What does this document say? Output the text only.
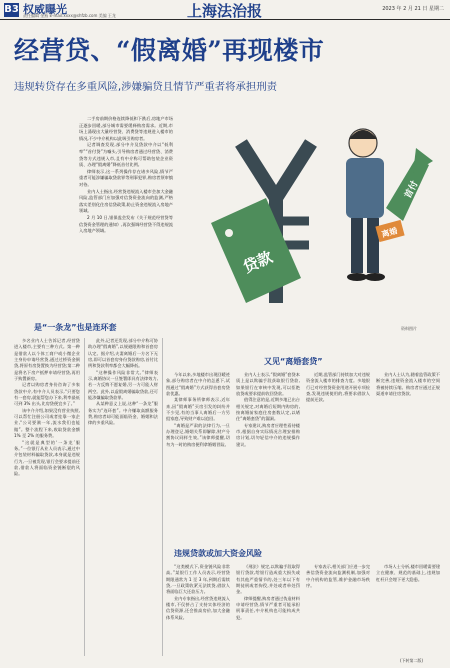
B3 权威曝光
责任编辑 金燕 E-mail:xxxx@shfzb.com 美编 王龙	上海法治报	2023 年 2 月 21 日 星期二
经营贷、“假离婚”再现楼市
违规转贷存在多重风险,涉嫌骗贷且情节严重者将承担刑责

二手房前期价格连续降低和下跌后,房地产市场正逐步回暖,部分城市需要缓释购房需求。近期,市场上涌现出大量经营贷、消费贷等违规进入楼市的情况,不少中介机构以此吸引购房者。

记者调查发现,部分中介及贷款中介以“低利率”“首付贷”为噱头,引导购房者通过经营贷、消费贷等方式违规入市,且有中介称可帮助包装企业资质、办理“假离婚”降低首付比例。

律师表示,这一系列操作存在诸多风险,情节严重者可能涉嫌骗取贷款罪等刑事犯罪,购房者须审慎对待。

业内人士指出,经营贷违规流入楼市会加大金融风险,监管部门应加强对信贷资金流向的监测,严格落实差别化住房信贷政策,防止资金违规流入房地产领域。

2 月 10 日,银保监会发布《关于规范经营贷等信贷资金管理的通知》,再次强调经营贷不得违规流入房地产领域。

贷款
首付
离婚
资料图片
是“一条龙”也是连环套

多名业内人士告诉记者,经营贷进入楼市,主要有三种方式。第一种是借款人以个体工商户或小微企业主身份申请经营贷,通过过桥资金倒贷,将原有房贷置换为经营贷;第二种是将名下房产抵押申请经营贷,再用于购置新房。

记者以购房者身份咨询了多家贷款中介,有中介人员表示,“只要您有一套房,就能帮您办下来,利率最低可到 3% 出头,比房贷便宜多了。”

该中介介绍,如果没有营业执照,可以帮忙注册公司或者挂靠一家企业,“公司要满一年,流水我们也能做”。整个流程下来,收取贷款金额 1% 至 2% 的服务费。

“这就是典型的‘一条龙’服务。”一位银行从业人员表示,通过中介包装材料骗取贷款,本身就是违规行为,一旦被发现,银行会要求提前还款,借款人将面临资金链断裂的风险。

此外,记者还发现,部分中介称可协助办理“假离婚”,以规避限购和首套房认定。据介绍,夫妻离婚后一方名下无房,即可以首套房身份贷款购房,首付比例和贷款利率都会大幅降低。

“这种操作风险非常大。”律师表示,离婚协议一旦签署即具有法律效力,若一方反悔不愿复婚,另一方可能人财两空。此外,以虚假离婚骗取贷款,还可能涉嫌骗取贷款罪。

从某种意义上说,这种“一条龙”服务实为“连环套”。中介赚取高额服务费,购房者却可能面临资金、婚姻和法律的多重风险。

又见“离婚套贷”

今年以来,多地楼市出现回暖迹象,部分购房者在中介的怂恿下,试图通过“假离婚”方式获得首套房贷款优惠。

某律师事务所律师表示,近年来,因“假离婚”买房引发的纠纷并不少见,有的当事人离婚后一方另组家庭,导致财产难以追回。

“离婚是严肃的法律行为,一旦办理登记,婚姻关系即解除,财产分割协议同样生效。”该律师提醒,切勿为一时的购房便利拿婚姻冒险。

业内人士表示,“假离婚”套贷本质上是以欺骗手段获取银行贷款,如果银行在审核中发现,可以拒绝放贷或要求提前收回贷款。

值得注意的是,近期多地已出台相关规定,对离婚后短期内购房的,按离婚前家庭住房套数认定,以堵住“离婚套贷”的漏洞。

专家建议,购房者应理性看待楼市,根据自身实际情况合理安排购房计划,切勿轻信中介的违规操作建议。

近期,监管部门持续加大对违规资金流入楼市的排查力度。多地银行已对经营贷资金用途开展专项检查,发现违规使用的,将要求借款人提前还款。

业内人士认为,随着监管政策不断完善,违规资金流入楼市的空间将被持续压缩。购房者应通过正规渠道申请住房贷款。

违规贷款或加大资金风险

“这类模式下,资金链风险非常高。”某银行工作人员表示,经营贷期限通常为 1 至 3 年,到期后需续贷,一旦政策收紧无法续贷,借款人将面临巨大还款压力。

业内专家指出,经营贷违规流入楼市,不仅挤占了支持实体经济的信贷资源,还会推高房价,加大金融体系风险。

《刑法》规定,以欺骗手段取得银行贷款,给银行造成重大损失或有其他严重情节的,处三年以下有期徒刑或者拘役,并处或者单处罚金。

律师提醒,购房者通过伪造材料申请经营贷,情节严重者可能承担刑事责任,中介机构也可能构成共犯。

专家表示,相关部门应进一步完善信贷资金流向监测机制,加强对中介机构的监管,维护金融市场秩序。

市场人士分析,楼市回暖需要建立在健康、规范的基础上,违规加杠杆只会埋下更大隐患。

(下转第二版)
